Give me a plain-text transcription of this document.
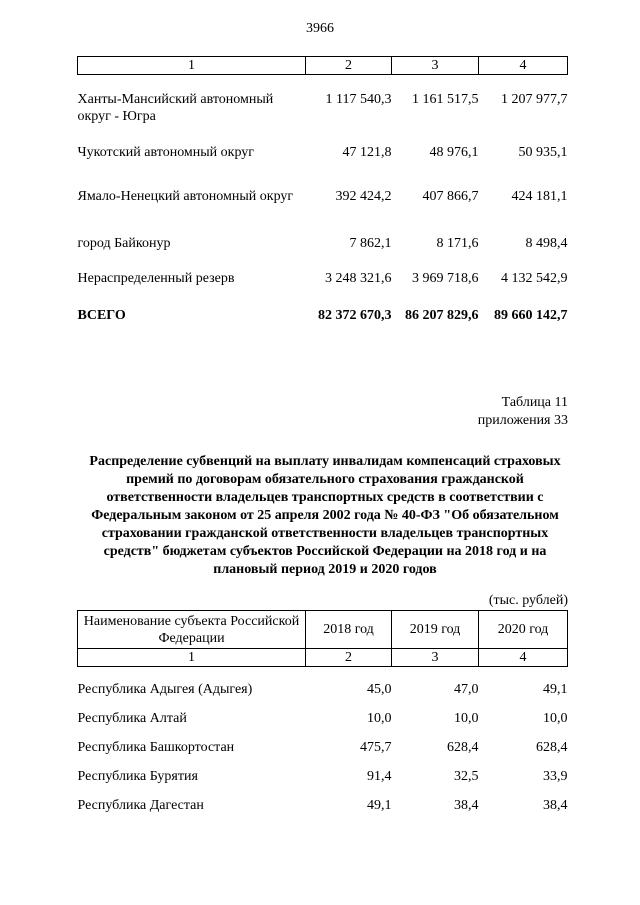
3966
1	2	3	4
Ханты-Мансийский автономный округ - Югра	1 117 540,3	1 161 517,5	1 207 977,7
Чукотский автономный округ	47 121,8	48 976,1	50 935,1
Ямало-Ненецкий автономный округ	392 424,2	407 866,7	424 181,1
город Байконур	7 862,1	8 171,6	8 498,4
Нераспределенный резерв	3 248 321,6	3 969 718,6	4 132 542,9
ВСЕГО	82 372 670,3	86 207 829,6	89 660 142,7
Таблица 11
приложения 33
Распределение субвенций на выплату инвалидам компенсаций страховых премий по договорам обязательного страхования гражданской ответственности владельцев транспортных средств в соответствии с Федеральным законом от 25 апреля 2002 года № 40-ФЗ "Об обязательном страховании гражданской ответственности владельцев транспортных средств" бюджетам субъектов Российской Федерации на 2018 год и на плановый период 2019 и 2020 годов
(тыс. рублей)
Наименование субъекта Российской Федерации	2018 год	2019 год	2020 год
1	2	3	4

Республика Адыгея (Адыгея)	45,0	47,0	49,1
Республика Алтай	10,0	10,0	10,0
Республика Башкортостан	475,7	628,4	628,4
Республика Бурятия	91,4	32,5	33,9
Республика Дагестан	49,1	38,4	38,4
